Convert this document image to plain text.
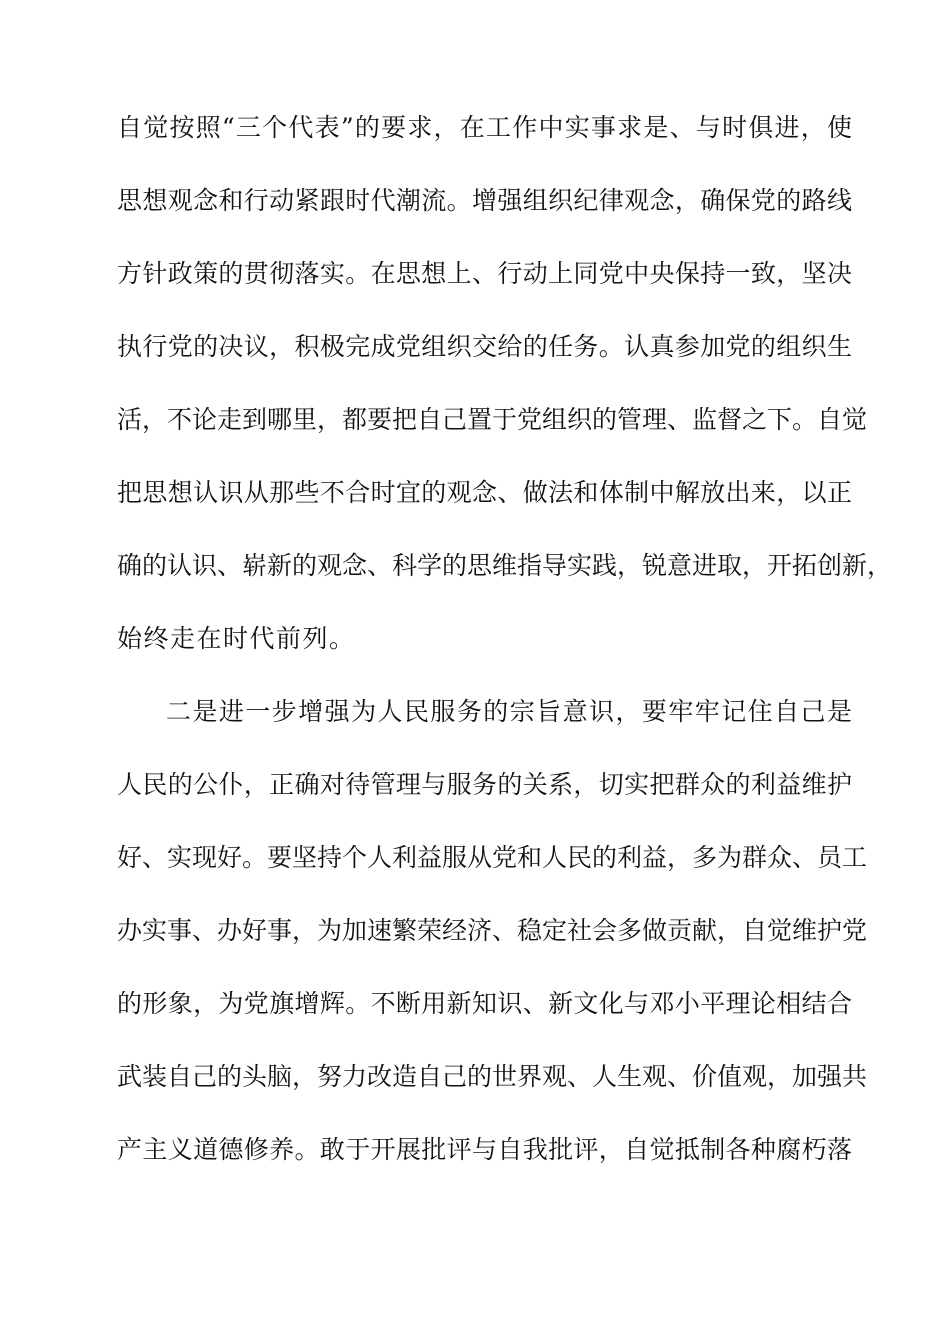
自觉按照“三个代表”的要求，在工作中实事求是、与时俱进，使
思想观念和行动紧跟时代潮流。增强组织纪律观念，确保党的路线
方针政策的贯彻落实。在思想上、行动上同党中央保持一致，坚决
执行党的决议，积极完成党组织交给的任务。认真参加党的组织生
活，不论走到哪里，都要把自己置于党组织的管理、监督之下。自觉
把思想认识从那些不合时宜的观念、做法和体制中解放出来，以正
确的认识、崭新的观念、科学的思维指导实践，锐意进取，开拓创新，
始终走在时代前列。
二是进一步增强为人民服务的宗旨意识，要牢牢记住自己是
人民的公仆，正确对待管理与服务的关系，切实把群众的利益维护
好、实现好。要坚持个人利益服从党和人民的利益，多为群众、员工
办实事、办好事，为加速繁荣经济、稳定社会多做贡献，自觉维护党
的形象，为党旗增辉。不断用新知识、新文化与邓小平理论相结合
武装自己的头脑，努力改造自己的世界观、人生观、价值观，加强共
产主义道德修养。敢于开展批评与自我批评，自觉抵制各种腐朽落
